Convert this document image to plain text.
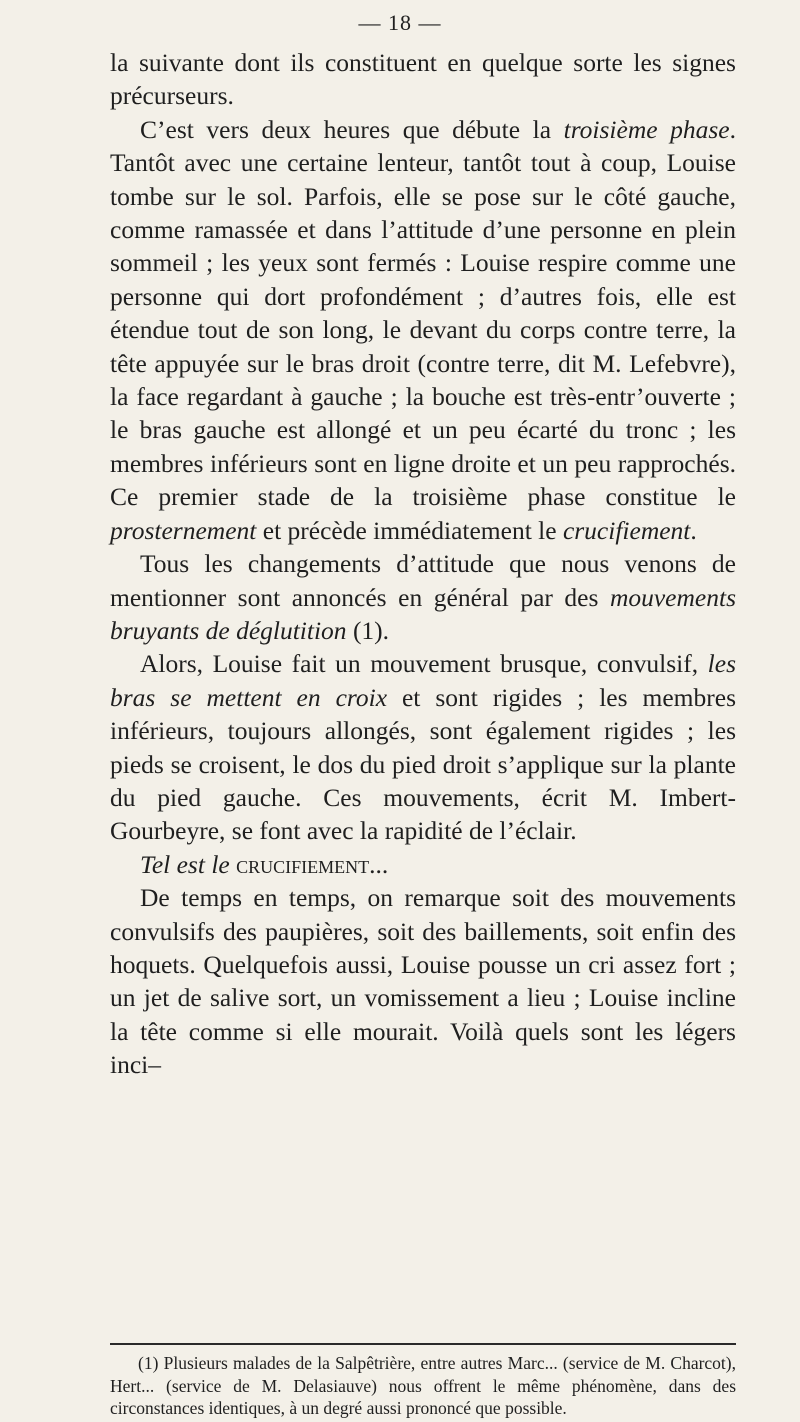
— 18 —

la suivante dont ils constituent en quelque sorte les signes précurseurs.

C’est vers deux heures que débute la troisième phase. Tantôt avec une certaine lenteur, tantôt tout à coup, Louise tombe sur le sol. Parfois, elle se pose sur le côté gauche, comme ramassée et dans l’attitude d’une personne en plein sommeil ; les yeux sont fermés : Louise respire comme une personne qui dort profondément ; d’autres fois, elle est étendue tout de son long, le devant du corps contre terre, la tête appuyée sur le bras droit (contre terre, dit M. Lefebvre), la face regardant à gauche ; la bouche est très-entr’ouverte ; le bras gauche est allongé et un peu écarté du tronc ; les membres inférieurs sont en ligne droite et un peu rapprochés. Ce premier stade de la troisième phase constitue le prosternement et précède immédiatement le crucifiement.

Tous les changements d’attitude que nous venons de mentionner sont annoncés en général par des mouvements bruyants de déglutition (1).

Alors, Louise fait un mouvement brusque, convulsif, les bras se mettent en croix et sont rigides ; les membres inférieurs, toujours allongés, sont également rigides ; les pieds se croisent, le dos du pied droit s’applique sur la plante du pied gauche. Ces mouvements, écrit M. Imbert-Gourbeyre, se font avec la rapidité de l’éclair.

Tel est le crucifiement...

De temps en temps, on remarque soit des mouvements convulsifs des paupières, soit des baillements, soit enfin des hoquets. Quelquefois aussi, Louise pousse un cri assez fort ; un jet de salive sort, un vomissement a lieu ; Louise incline la tête comme si elle mourait. Voilà quels sont les légers inci–

(1) Plusieurs malades de la Salpêtrière, entre autres Marc... (service de M. Charcot), Hert... (service de M. Delasiauve) nous offrent le même phénomène, dans des circonstances identiques, à un degré aussi prononcé que possible.
